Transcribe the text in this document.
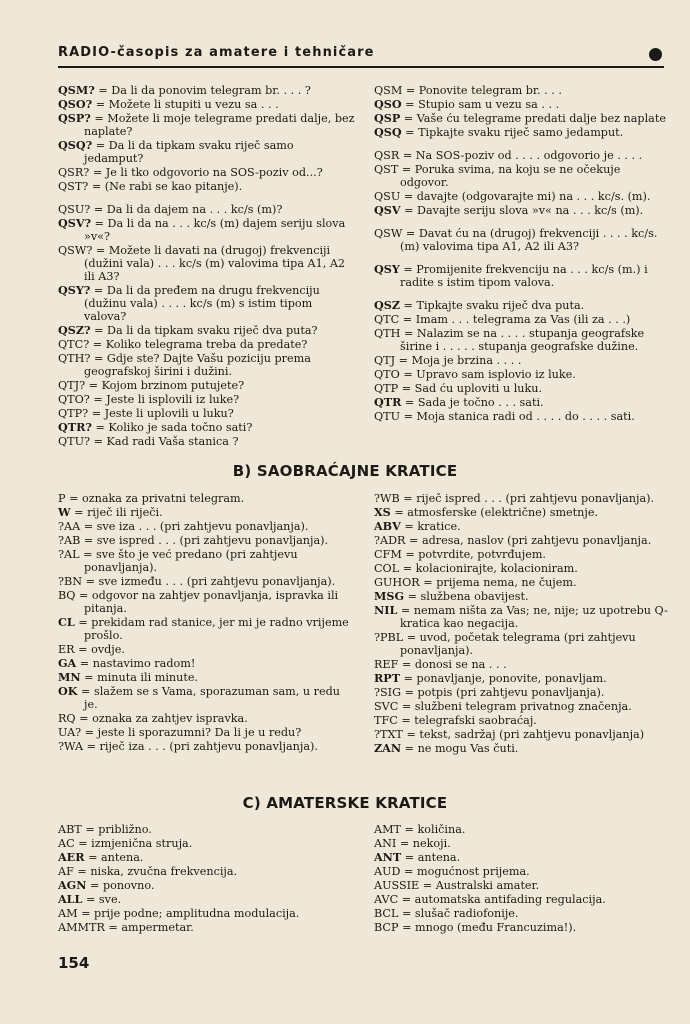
RADIO-časopis za amatere i tehničare
QSM? = Da li da ponovim telegram br. . . . ?
QSO? = Možete li stupiti u vezu sa . . .
QSP? = Možete li moje telegrame predati dalje, bez naplate?
QSQ? = Da li da tipkam svaku riječ samo jedamput?
QSR? = Je li tko odgovorio na SOS-poziv od...?
QST? = (Ne rabi se kao pitanje).
QSU? = Da li da dajem na . . . kc/s (m)?
QSV? = Da li da na . . . kc/s (m) dajem seriju slova »v«?
QSW? = Možete li davati na (drugoj) frekvenciji (dužini vala) . . . kc/s (m) valovima tipa A1, A2 ili A3?
QSY? = Da li da pređem na drugu frekvenciju (dužinu vala) . . . . kc/s (m) s istim tipom valova?
QSZ? = Da li da tipkam svaku riječ dva puta?
QTC? = Koliko telegrama treba da predate?
QTH? = Gdje ste? Dajte Vašu poziciju prema geografskoj širini i dužini.
QTJ? = Kojom brzinom putujete?
QTO? = Jeste li isplovili iz luke?
QTP? = Jeste li uplovili u luku?
QTR? = Koliko je sada točno sati?
QTU? = Kad radi Vaša stanica ?
QSM = Ponovite telegram br. . . .
QSO = Stupio sam u vezu sa . . .
QSP = Vaše ću telegrame predati dalje bez naplate
QSQ = Tipkajte svaku riječ samo jedamput.
QSR = Na SOS-poziv od . . . . odgovorio je . . . .
QST = Poruka svima, na koju se ne očekuje odgovor.
QSU = davajte (odgovarajte mi) na . . . kc/s. (m).
QSV = Davajte seriju slova »v« na . . . kc/s (m).
QSW = Davat ću na (drugoj) frekvenciji . . . . kc/s. (m) valovima tipa A1, A2 ili A3?
QSY = Promijenite frekvenciju na . . . kc/s (m.) i radite s istim tipom valova.
QSZ = Tipkajte svaku riječ dva puta.
QTC = Imam . . . telegrama za Vas (ili za . . .)
QTH = Nalazim se na . . . . stupanja geografske širine i . . . . . stupanja geografske dužine.
QTJ = Moja je brzina . . . .
QTO = Upravo sam isplovio iz luke.
QTP = Sad ću uploviti u luku.
QTR = Sada je točno . . . sati.
QTU = Moja stanica radi od . . . . do . . . . sati.
B) SAOBRAĆAJNE KRATICE
P = oznaka za privatni telegram.
W = riječ ili riječi.
?AA = sve iza . . . (pri zahtjevu ponavljanja).
?AB = sve ispred . . . (pri zahtjevu ponavljanja).
?AL = sve što je već predano (pri zahtjevu ponavljanja).
?BN = sve između . . . (pri zahtjevu ponavljanja).
BQ = odgovor na zahtjev ponavljanja, ispravka ili pitanja.
CL = prekidam rad stanice, jer mi je radno vrijeme prošlo.
ER = ovdje.
GA = nastavimo radom!
MN = minuta ili minute.
OK = slažem se s Vama, sporazuman sam, u redu je.
RQ = oznaka za zahtjev ispravka.
UA? = jeste li sporazumni? Da li je u redu?
?WA = riječ iza . . . (pri zahtjevu ponavljanja).
?WB = riječ ispred . . . (pri zahtjevu ponavljanja).
XS = atmosferske (električne) smetnje.
ABV = kratice.
?ADR = adresa, naslov (pri zahtjevu ponavljanja.
CFM = potvrdite, potvrđujem.
COL = kolacionirajte, kolacioniram.
GUHOR = prijema nema, ne čujem.
MSG = službena obavijest.
NIL = nemam ništa za Vas; ne, nije; uz upotrebu Q-kratica kao negacija.
?PBL = uvod, početak telegrama (pri zahtjevu ponavljanja).
REF = donosi se na . . .
RPT = ponavljanje, ponovite, ponavljam.
?SIG = potpis (pri zahtjevu ponavljanja).
SVC = službeni telegram privatnog značenja.
TFC = telegrafski saobraćaj.
?TXT = tekst, sadržaj (pri zahtjevu ponavljanja)
ZAN = ne mogu Vas čuti.
C) AMATERSKE KRATICE
ABT = približno.
AC = izmjenična struja.
AER = antena.
AF = niska, zvučna frekvencija.
AGN = ponovno.
ALL = sve.
AM = prije podne; amplitudna modulacija.
AMMTR = ampermetar.
AMT = količina.
ANI = nekoji.
ANT = antena.
AUD = mogućnost prijema.
AUSSIE = Australski amater.
AVC = automatska antifading regulacija.
BCL = slušač radiofonije.
BCP = mnogo (među Francuzima!).
154
